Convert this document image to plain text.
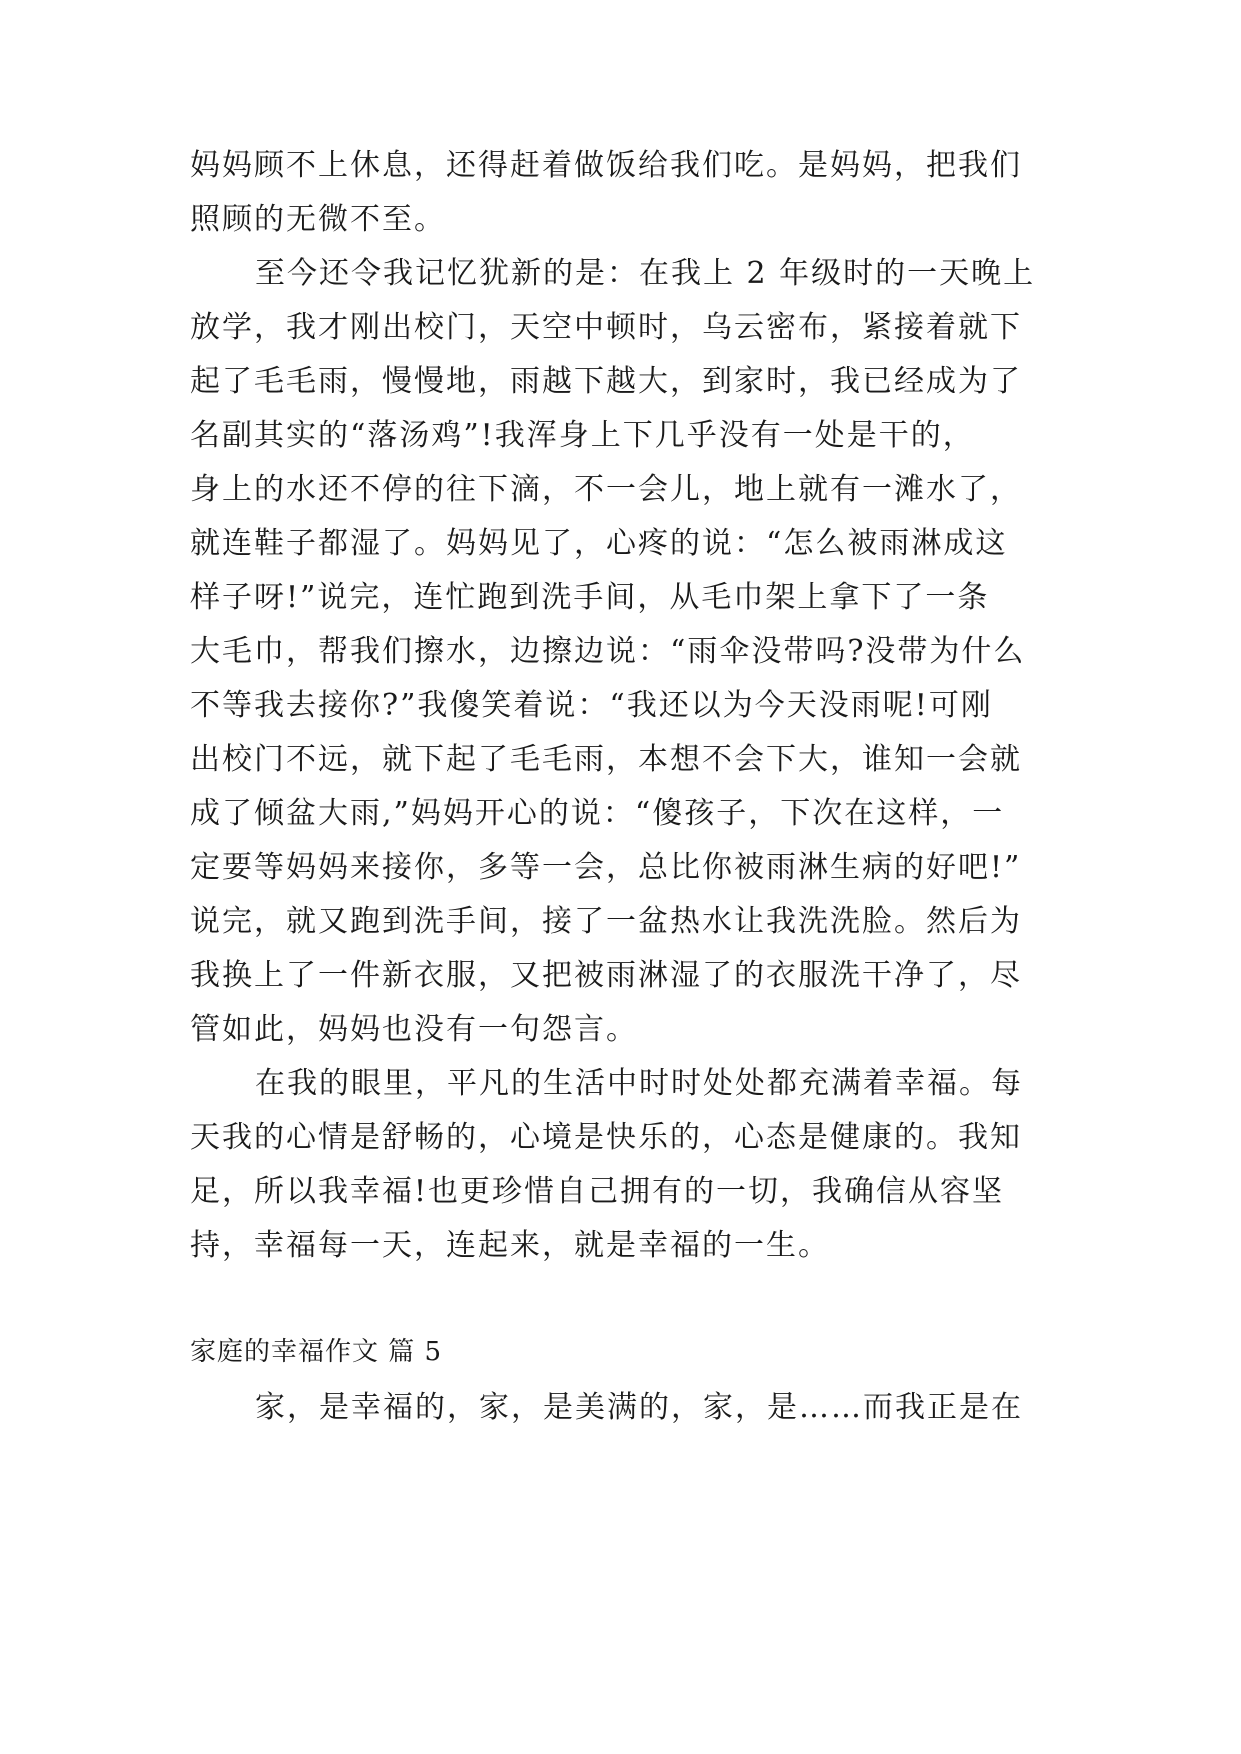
妈妈顾不上休息，还得赶着做饭给我们吃。是妈妈，把我们
照顾的无微不至。
至今还令我记忆犹新的是：在我上 2 年级时的一天晚上
放学，我才刚出校门，天空中顿时，乌云密布，紧接着就下
起了毛毛雨，慢慢地，雨越下越大，到家时，我已经成为了
名副其实的“落汤鸡”!我浑身上下几乎没有一处是干的，
身上的水还不停的往下滴，不一会儿，地上就有一滩水了，
就连鞋子都湿了。妈妈见了，心疼的说：“怎么被雨淋成这
样子呀!”说完，连忙跑到洗手间，从毛巾架上拿下了一条
大毛巾，帮我们擦水，边擦边说：“雨伞没带吗?没带为什么
不等我去接你?”我傻笑着说：“我还以为今天没雨呢!可刚
出校门不远，就下起了毛毛雨，本想不会下大，谁知一会就
成了倾盆大雨,”妈妈开心的说：“傻孩子，下次在这样，一
定要等妈妈来接你，多等一会，总比你被雨淋生病的好吧!”
说完，就又跑到洗手间，接了一盆热水让我洗洗脸。然后为
我换上了一件新衣服，又把被雨淋湿了的衣服洗干净了，尽
管如此，妈妈也没有一句怨言。
在我的眼里，平凡的生活中时时处处都充满着幸福。每
天我的心情是舒畅的，心境是快乐的，心态是健康的。我知
足，所以我幸福!也更珍惜自己拥有的一切，我确信从容坚
持，幸福每一天，连起来，就是幸福的一生。
家庭的幸福作文 篇 5
家，是幸福的，家，是美满的，家，是……而我正是在
